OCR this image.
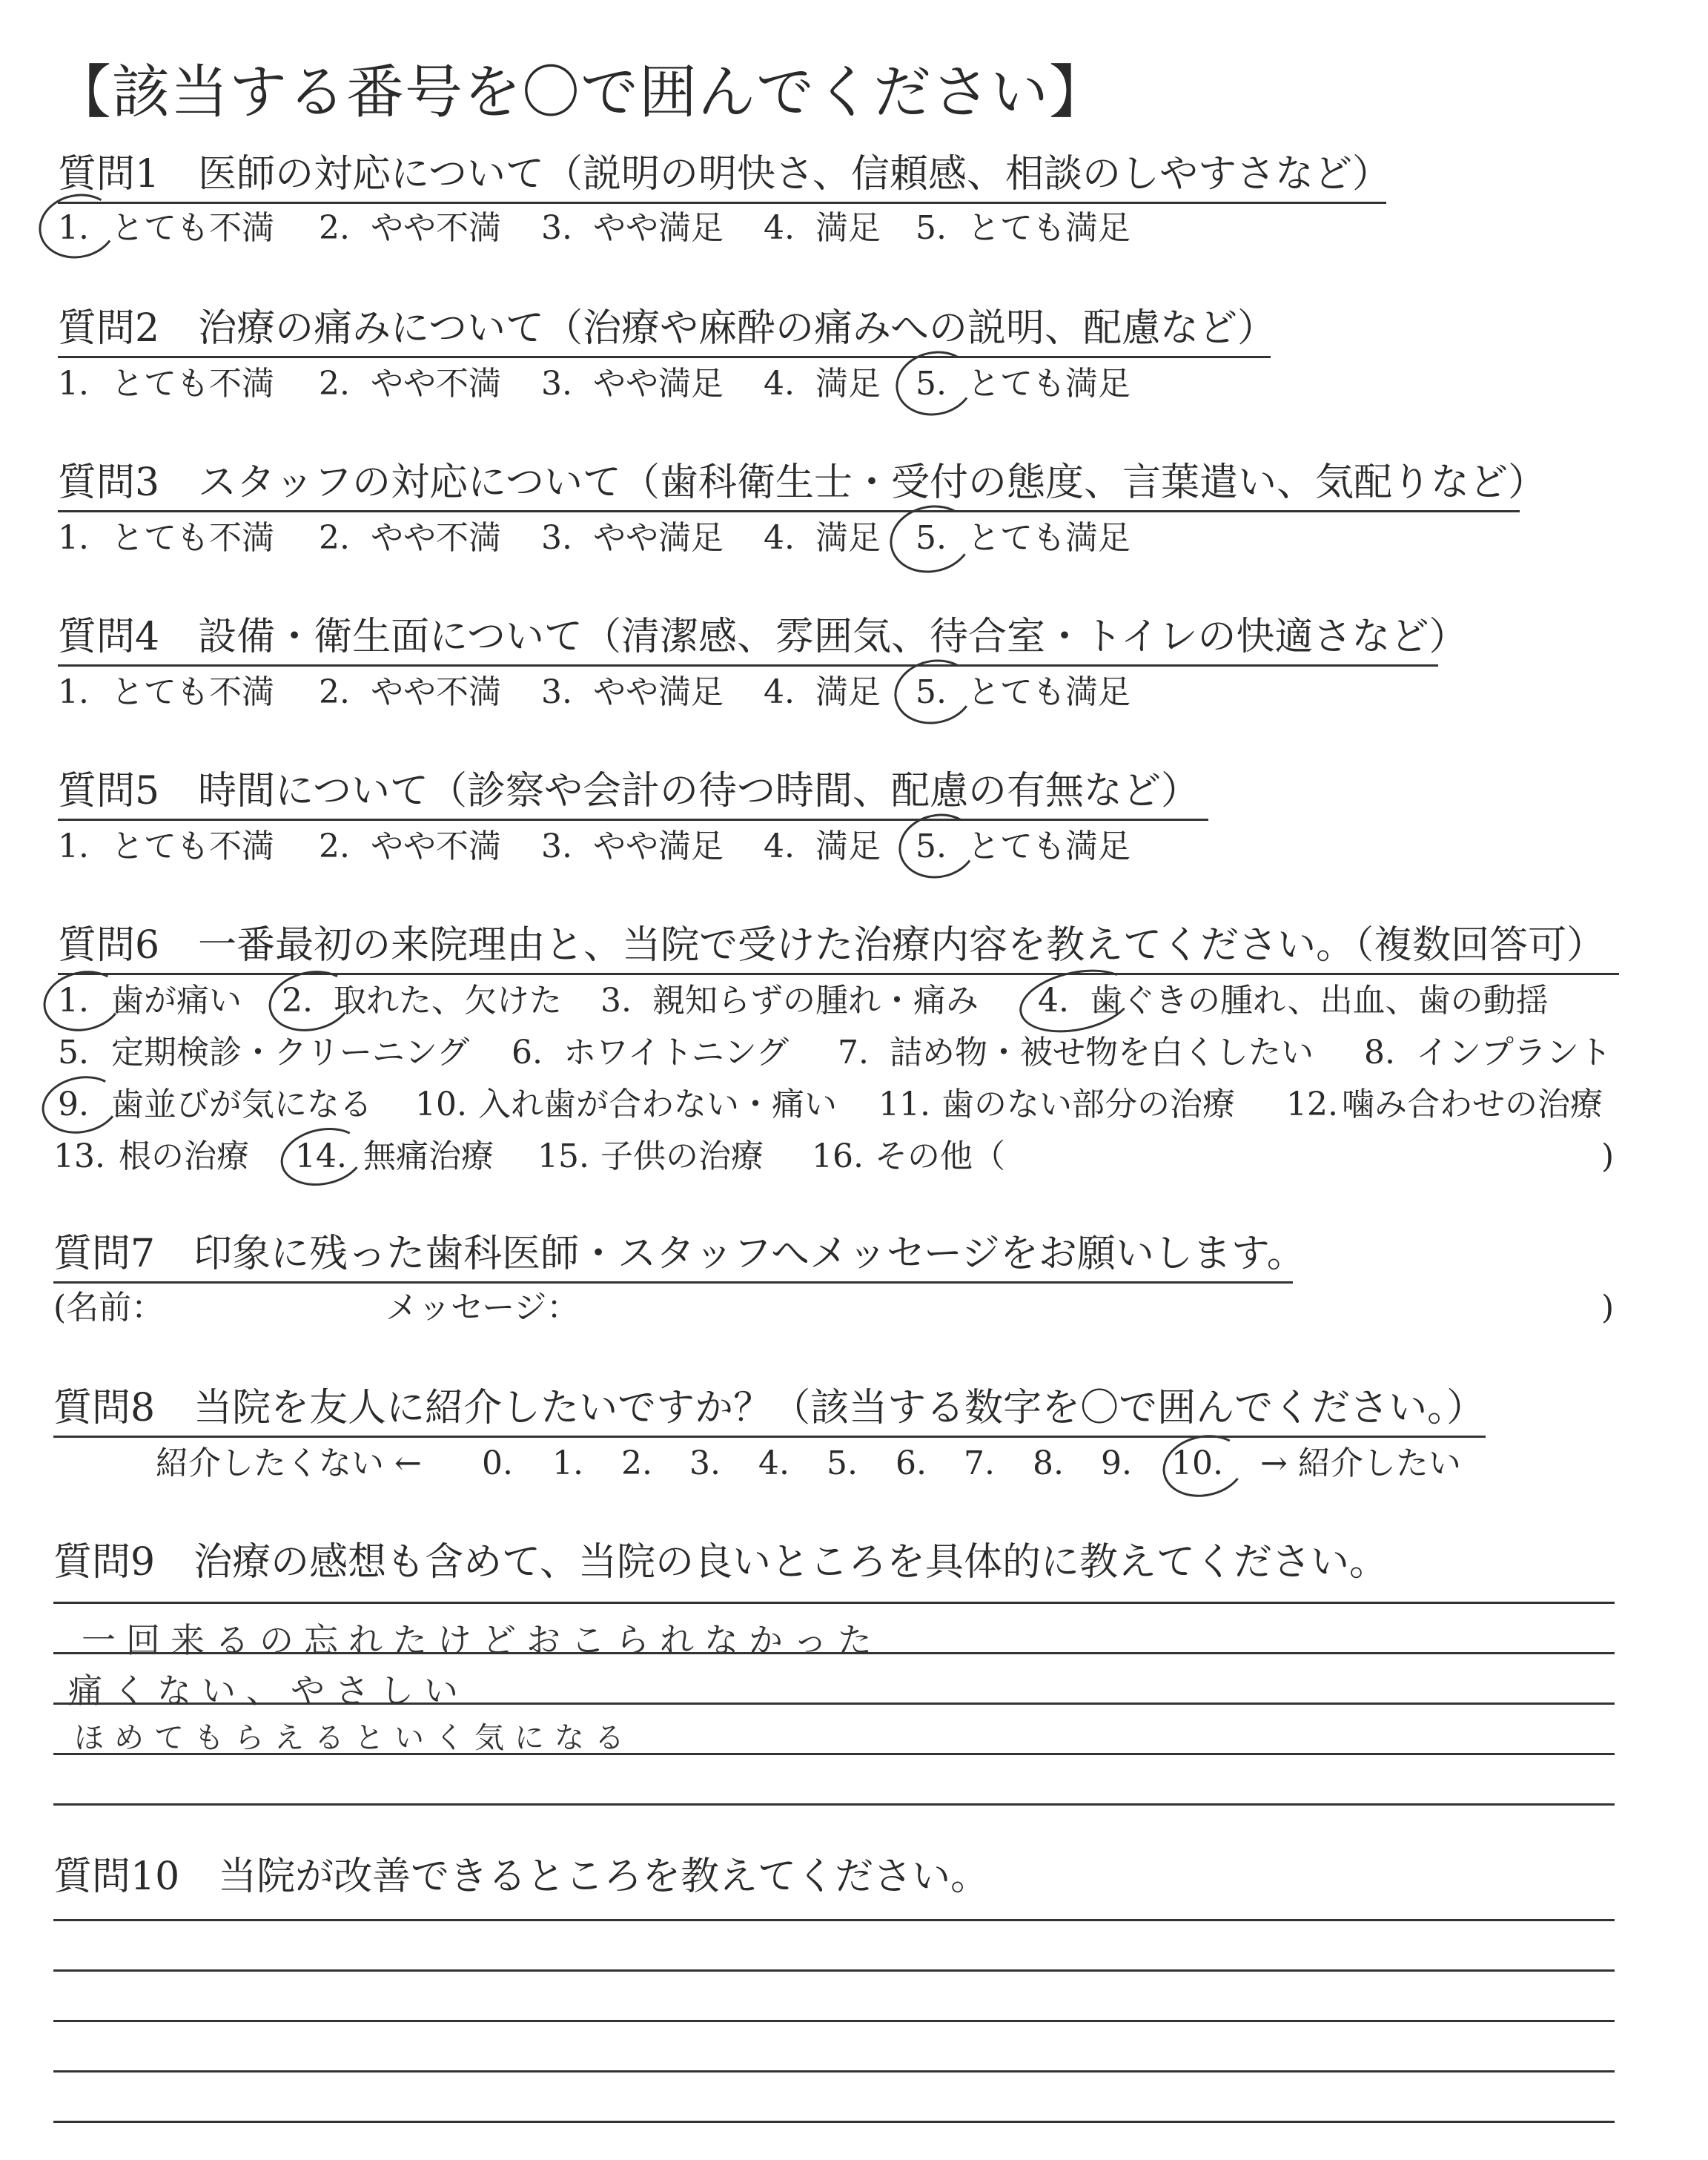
【該当する番号を〇で囲んでください】
質問1　医師の対応について（説明の明快さ、信頼感、相談のしやすさなど）
1. とても不満 2. やや不満 3. やや満足 4. 満足 5. とても満足
質問2　治療の痛みについて（治療や麻酔の痛みへの説明、配慮など）
1. とても不満 2. やや不満 3. やや満足 4. 満足 5. とても満足
質問3　スタッフの対応について（歯科衛生士・受付の態度、言葉遣い、気配りなど）
1. とても不満 2. やや不満 3. やや満足 4. 満足 5. とても満足
質問4　設備・衛生面について（清潔感、雰囲気、待合室・トイレの快適さなど）
1. とても不満 2. やや不満 3. やや満足 4. 満足 5. とても満足
質問5　時間について（診察や会計の待つ時間、配慮の有無など）
1. とても不満 2. やや不満 3. やや満足 4. 満足 5. とても満足
質問6　一番最初の来院理由と、当院で受けた治療内容を教えてください。（複数回答可）
1. 歯が痛い 2. 取れた、欠けた 3. 親知らずの腫れ・痛み 4. 歯ぐきの腫れ、出血、歯の動揺
5. 定期検診・クリーニング 6. ホワイトニング 7. 詰め物・被せ物を白くしたい 8. インプラント
9. 歯並びが気になる 10. 入れ歯が合わない・痛い 11. 歯のない部分の治療 12. 噛み合わせの治療
13. 根の治療 14. 無痛治療 15. 子供の治療 16. その他（	)
質問7　印象に残った歯科医師・スタッフへメッセージをお願いします。
(名前：	メッセージ：	)
質問8　当院を友人に紹介したいですか？（該当する数字を〇で囲んでください。）
紹介したくない ← 0. 1. 2. 3. 4. 5. 6. 7. 8. 9. 10. → 紹介したい
質問9　治療の感想も含めて、当院の良いところを具体的に教えてください。
一回来るの忘れたけどおこられなかった
痛くない、やさしい
ほめてもらえるといく気になる
質問10　当院が改善できるところを教えてください。
